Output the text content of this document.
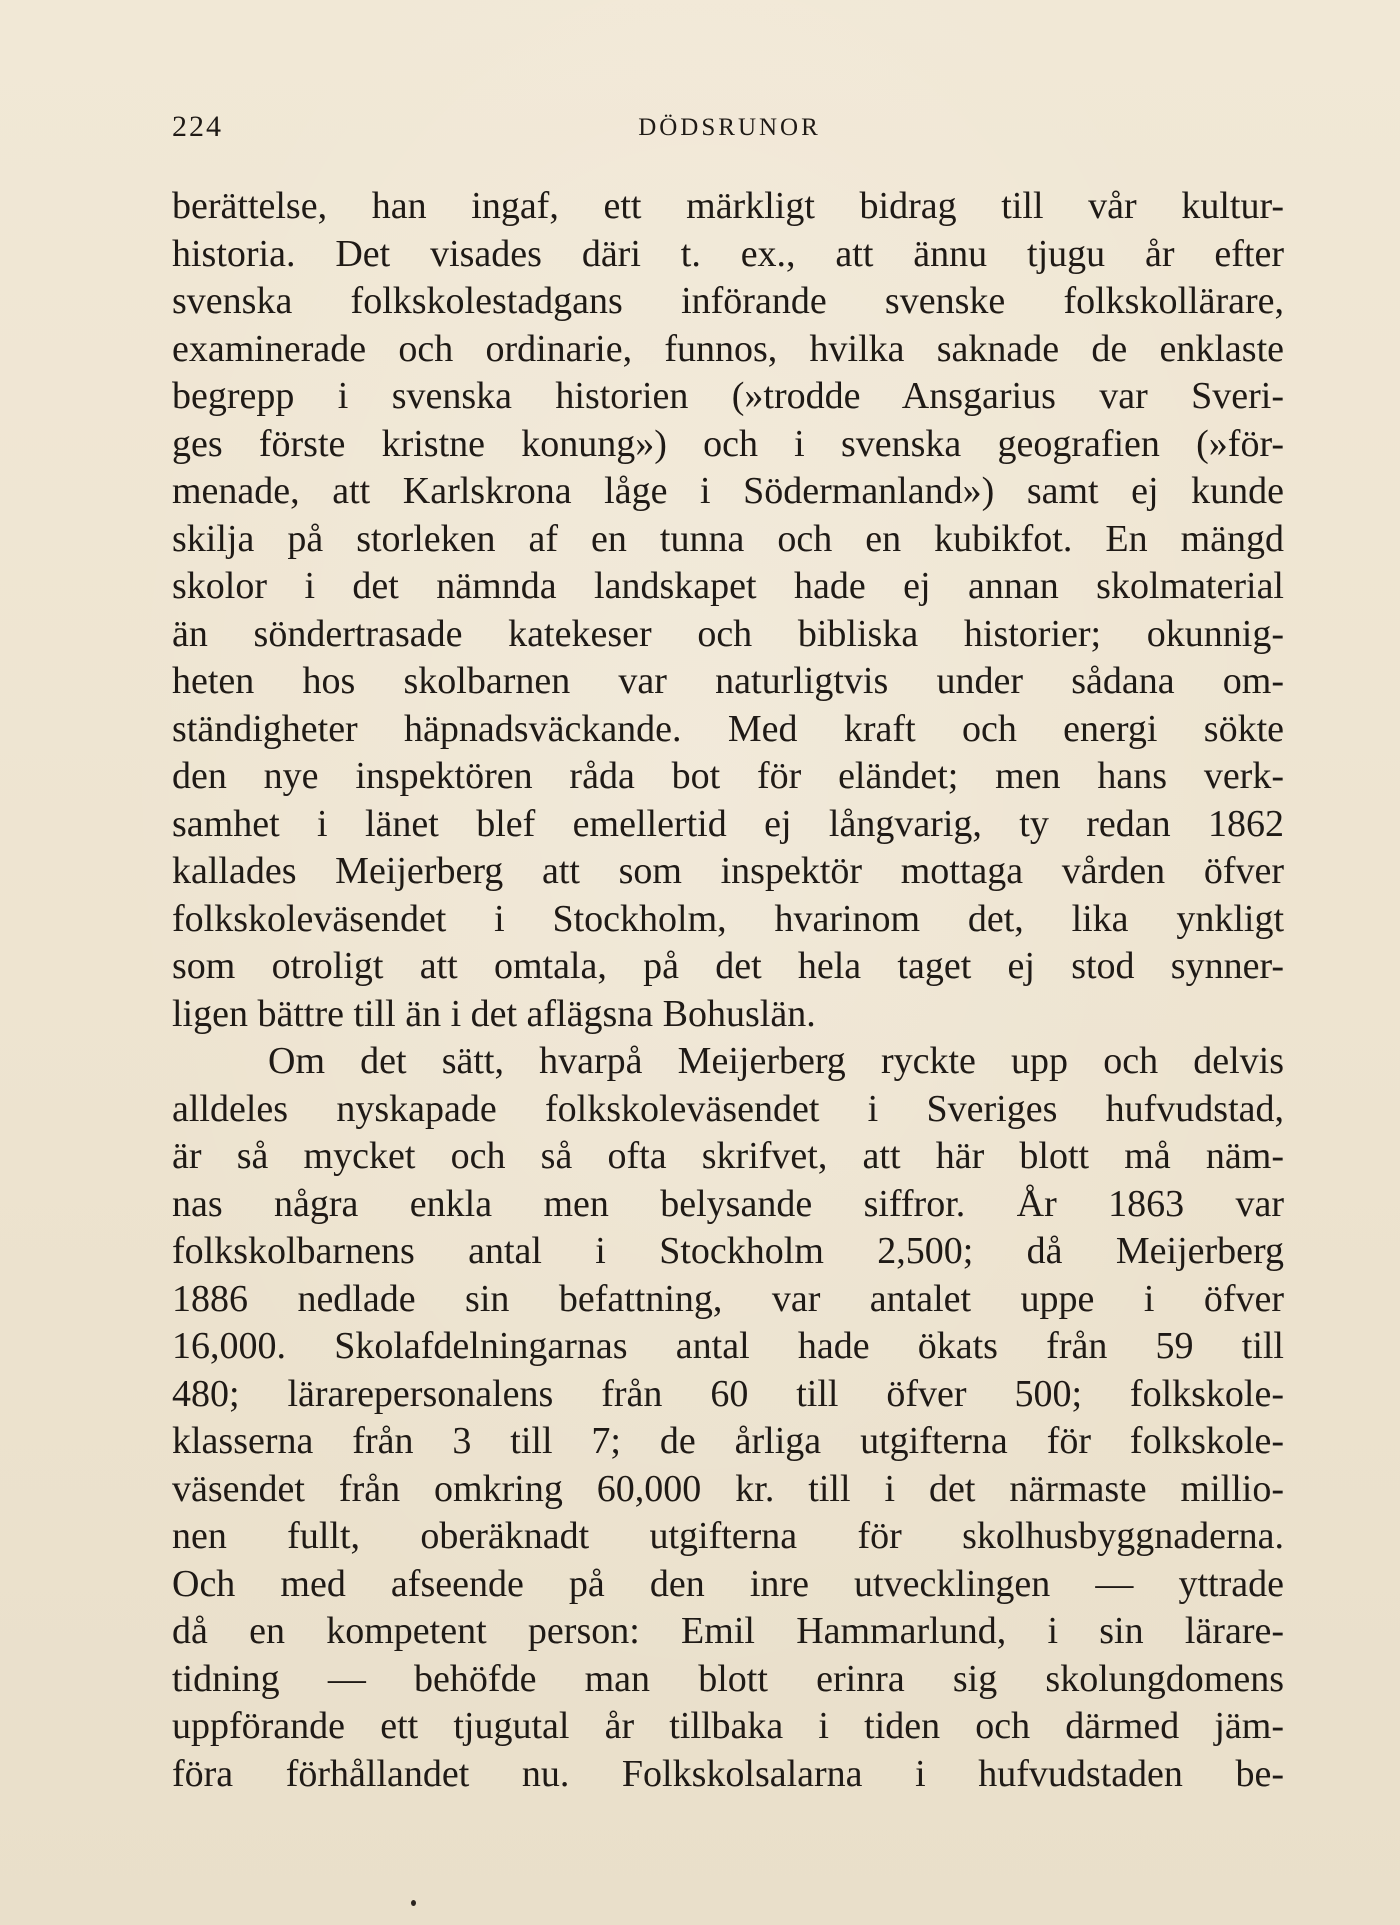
224	DÖDSRUNOR
berättelse, han ingaf, ett märkligt bidrag till vår kultur-
historia. Det visades däri t. ex., att ännu tjugu år efter
svenska folkskolestadgans införande svenske folkskollärare,
examinerade och ordinarie, funnos, hvilka saknade de enklaste
begrepp i svenska historien (»trodde Ansgarius var Sveri-
ges förste kristne konung») och i svenska geografien (»för-
menade, att Karlskrona låge i Södermanland») samt ej kunde
skilja på storleken af en tunna och en kubikfot. En mängd
skolor i det nämnda landskapet hade ej annan skolmaterial
än söndertrasade katekeser och bibliska historier; okunnig-
heten hos skolbarnen var naturligtvis under sådana om-
ständigheter häpnadsväckande. Med kraft och energi sökte
den nye inspektören råda bot för eländet; men hans verk-
samhet i länet blef emellertid ej långvarig, ty redan 1862
kallades Meijerberg att som inspektör mottaga vården öfver
folkskoleväsendet i Stockholm, hvarinom det, lika ynkligt
som otroligt att omtala, på det hela taget ej stod synner-
ligen bättre till än i det aflägsna Bohuslän.
Om det sätt, hvarpå Meijerberg ryckte upp och delvis
alldeles nyskapade folkskoleväsendet i Sveriges hufvudstad,
är så mycket och så ofta skrifvet, att här blott må näm-
nas några enkla men belysande siffror. År 1863 var
folkskolbarnens antal i Stockholm 2,500; då Meijerberg
1886 nedlade sin befattning, var antalet uppe i öfver
16,000. Skolafdelningarnas antal hade ökats från 59 till
480; lärarepersonalens från 60 till öfver 500; folkskole-
klasserna från 3 till 7; de årliga utgifterna för folkskole-
väsendet från omkring 60,000 kr. till i det närmaste millio-
nen fullt, oberäknadt utgifterna för skolhusbyggnaderna.
Och med afseende på den inre utvecklingen — yttrade
då en kompetent person: Emil Hammarlund, i sin lärare-
tidning — behöfde man blott erinra sig skolungdomens
uppförande ett tjugutal år tillbaka i tiden och därmed jäm-
föra förhållandet nu. Folkskolsalarna i hufvudstaden be-
